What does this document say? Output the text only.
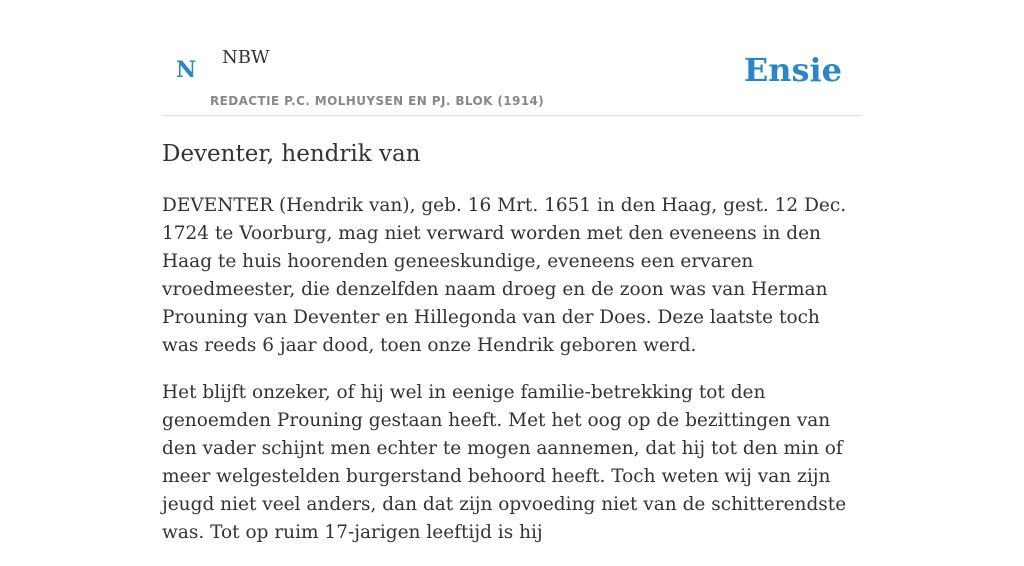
N	NBW
REDACTIE P.C. MOLHUYSEN EN PJ. BLOK (1914)
Ensie
Deventer, hendrik van

DEVENTER (Hendrik van), geb. 16 Mrt. 1651 in den Haag, gest. 12 Dec. 1724 te Voorburg, mag niet verward worden met den eveneens in den Haag te huis hoorenden geneeskundige, eveneens een ervaren vroedmeester, die denzelfden naam droeg en de zoon was van Herman Prouning van Deventer en Hillegonda van der Does. Deze laatste toch was reeds 6 jaar dood, toen onze Hendrik geboren werd.

Het blijft onzeker, of hij wel in eenige familie-betrekking tot den genoemden Prouning gestaan heeft. Met het oog op de bezittingen van den vader schijnt men echter te mogen aannemen, dat hij tot den min of meer welgestelden burgerstand behoord heeft. Toch weten wij van zijn jeugd niet veel anders, dan dat zijn opvoeding niet van de schitterendste was. Tot op ruim 17-jarigen leeftijd is hij
